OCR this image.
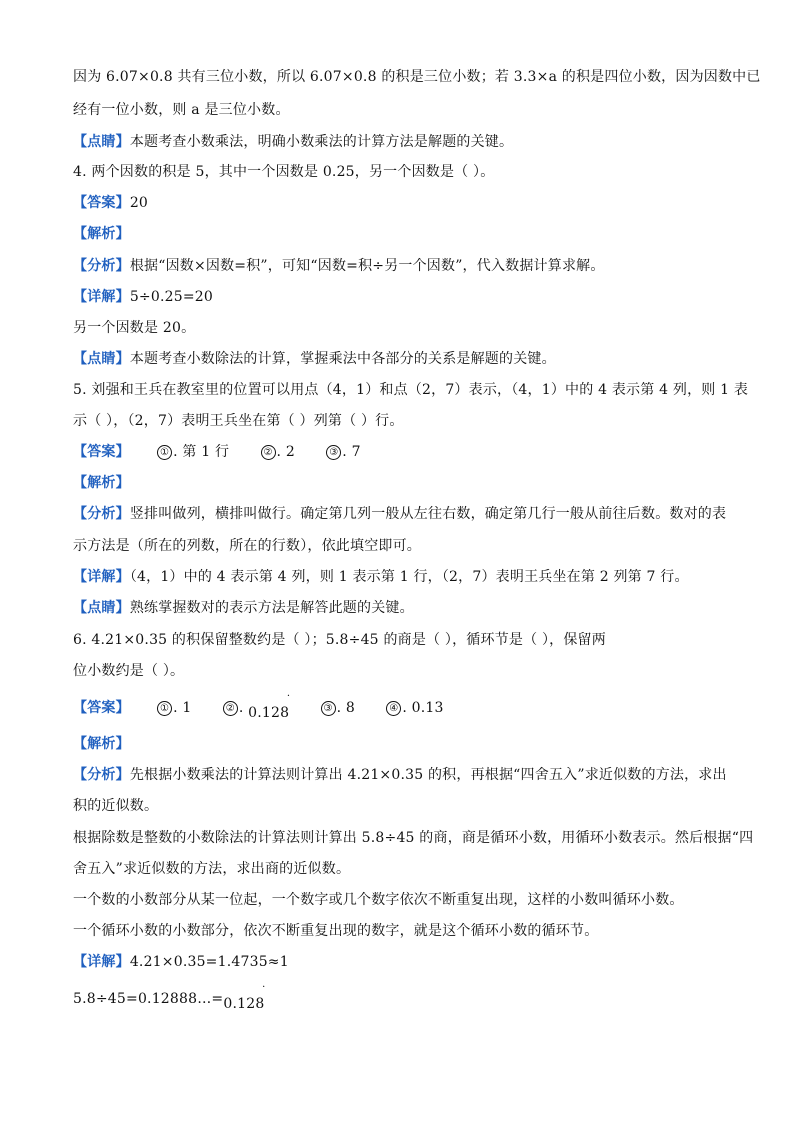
因为 6.07×0.8 共有三位小数，所以 6.07×0.8 的积是三位小数；若 3.3×a 的积是四位小数，因为因数中已
经有一位小数，则 a 是三位小数。
【点睛】本题考查小数乘法，明确小数乘法的计算方法是解题的关键。
4. 两个因数的积是 5，其中一个因数是 0.25，另一个因数是（ ）。
【答案】20
【解析】
【分析】根据“因数×因数=积”，可知“因数=积÷另一个因数”，代入数据计算求解。
【详解】5÷0.25=20
另一个因数是 20。
【点睛】本题考查小数除法的计算，掌握乘法中各部分的关系是解题的关键。
5. 刘强和王兵在教室里的位置可以用点（4，1）和点（2，7）表示，（4，1）中的 4 表示第 4 列，则 1 表
示（ ），（2，7）表明王兵坐在第（ ）列第（ ）行。
【答案】	① . 第 1 行	② . 2	③ . 7
【解析】
【分析】竖排叫做列，横排叫做行。确定第几列一般从左往右数，确定第几行一般从前往后数。数对的表
示方法是（所在的列数，所在的行数），依此填空即可。
【详解】（4，1）中的 4 表示第 4 列，则 1 表示第 1 行，（2，7）表明王兵坐在第 2 列第 7 行。
【点睛】熟练掌握数对的表示方法是解答此题的关键。
6. 4.21×0.35 的积保留整数约是（ ）；5.8÷45 的商是（ ），循环节是（ ），保留两
位小数约是（ ）。
【答案】	① . 1	② . 0.128
·
③ . 8	④ . 0.13
【解析】
【分析】先根据小数乘法的计算法则计算出 4.21×0.35 的积，再根据“四舍五入”求近似数的方法，求出
积的近似数。
根据除数是整数的小数除法的计算法则计算出 5.8÷45 的商，商是循环小数，用循环小数表示。然后根据“四
舍五入”求近似数的方法，求出商的近似数。
一个数的小数部分从某一位起，一个数字或几个数字依次不断重复出现，这样的小数叫循环小数。
一个循环小数的小数部分，依次不断重复出现的数字，就是这个循环小数的循环节。
【详解】4.21×0.35=1.4735≈1
5.8÷45=0.12888…=0.128
·
